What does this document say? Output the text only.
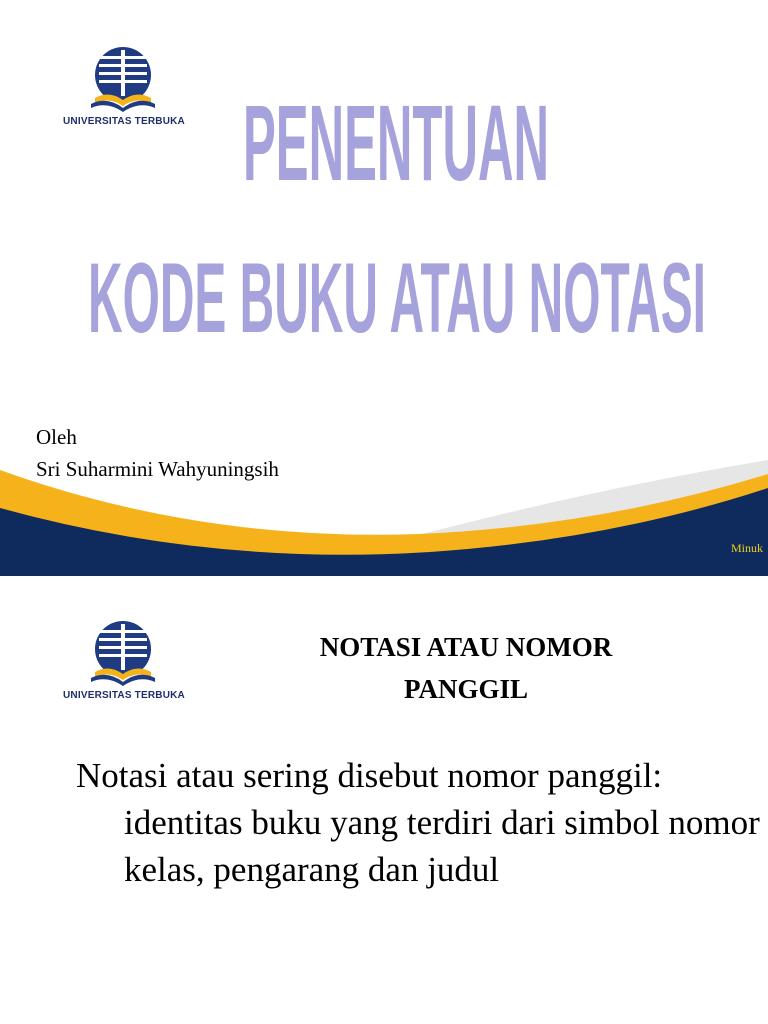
UNIVERSITAS TERBUKA PENENTUAN
KODE BUKU ATAU NOTASI
Oleh
Sri Suharmini Wahyuningsih
Minuk
UNIVERSITAS TERBUKA
NOTASI ATAU NOMOR
PANGGIL
Notasi atau sering disebut nomor panggil: identitas buku yang terdiri dari simbol nomor kelas, pengarang dan judul
